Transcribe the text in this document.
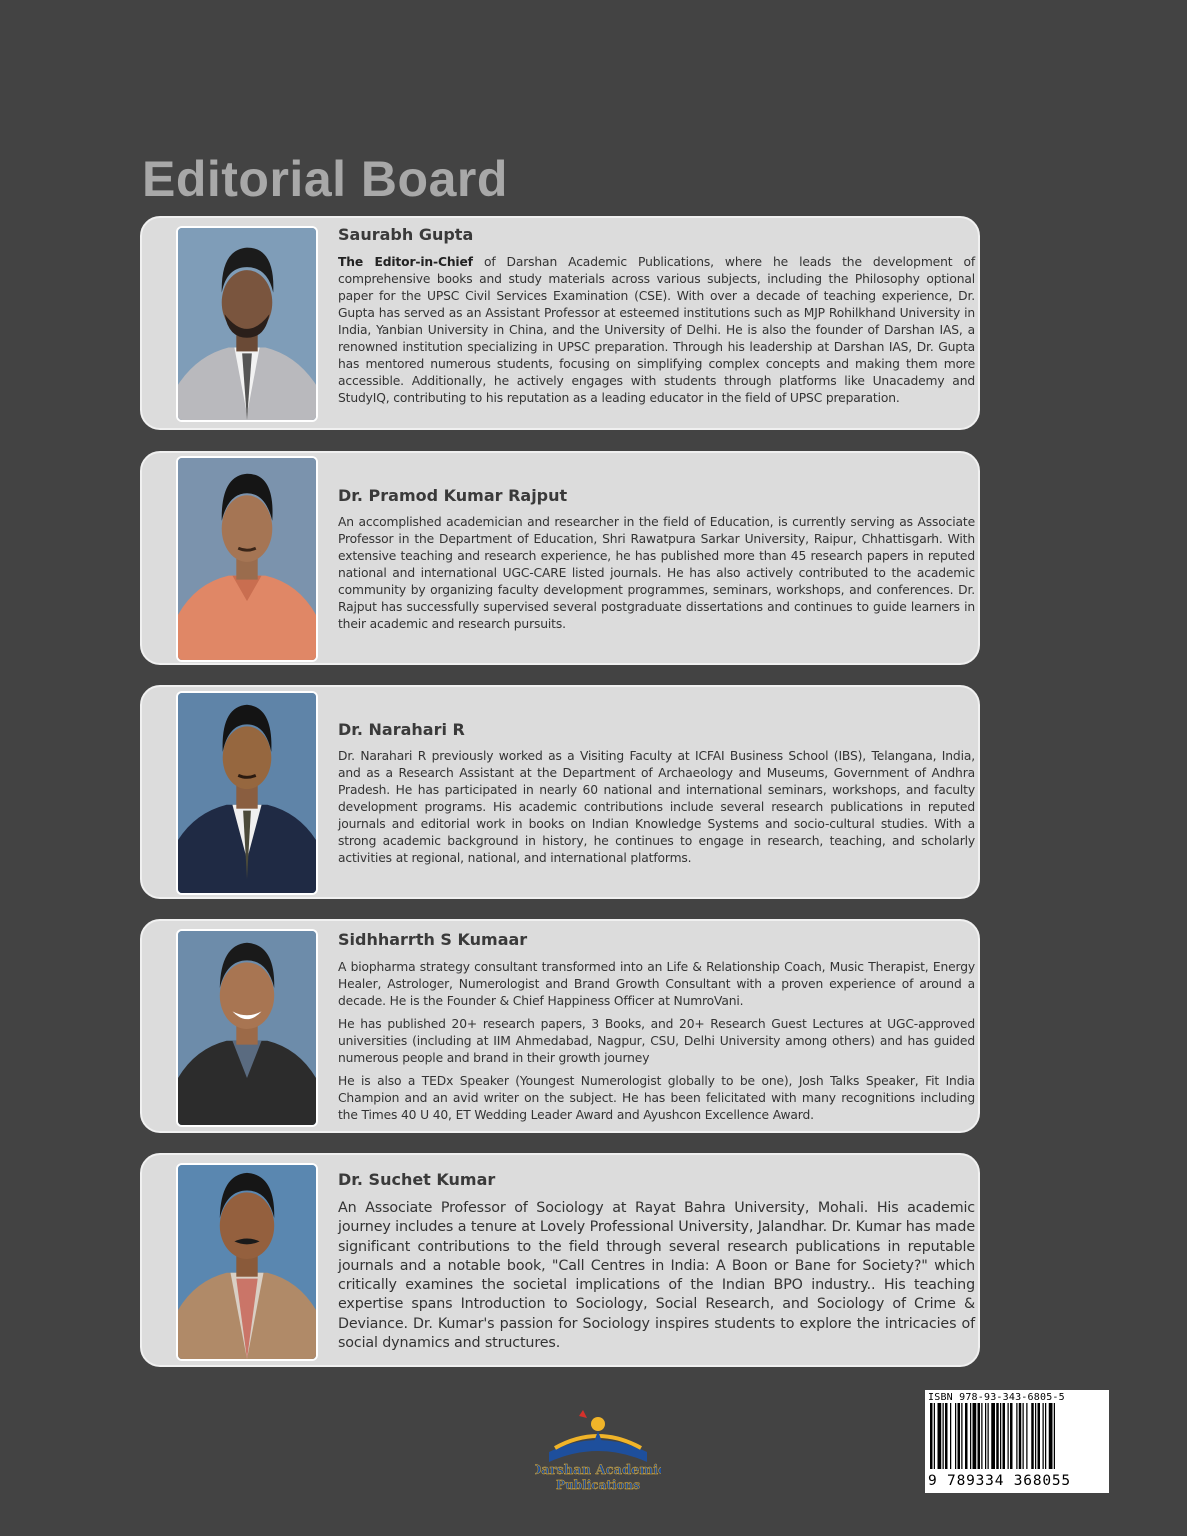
Editorial Board
Saurabh Gupta

The Editor-in-Chief of Darshan Academic Publications, where he leads the development of comprehensive books and study materials across various subjects, including the Philosophy optional paper for the UPSC Civil Services Examination (CSE). With over a decade of teaching experience, Dr. Gupta has served as an Assistant Professor at esteemed institutions such as MJP Rohilkhand University in India, Yanbian University in China, and the University of Delhi. He is also the founder of Darshan IAS, a renowned institution specializing in UPSC preparation. Through his leadership at Darshan IAS, Dr. Gupta has mentored numerous students, focusing on simplifying complex concepts and making them more accessible. Additionally, he actively engages with students through platforms like Unacademy and StudyIQ, contributing to his reputation as a leading educator in the field of UPSC preparation.

Dr. Pramod Kumar Rajput

An accomplished academician and researcher in the field of Education, is currently serving as Associate Professor in the Department of Education, Shri Rawatpura Sarkar University, Raipur, Chhattisgarh. With extensive teaching and research experience, he has published more than 45 research papers in reputed national and international UGC-CARE listed journals. He has also actively contributed to the academic community by organizing faculty development programmes, seminars, workshops, and conferences. Dr. Rajput has successfully supervised several postgraduate dissertations and continues to guide learners in their academic and research pursuits.

Dr. Narahari R

Dr. Narahari R previously worked as a Visiting Faculty at ICFAI Business School (IBS), Telangana, India, and as a Research Assistant at the Department of Archaeology and Museums, Government of Andhra Pradesh. He has participated in nearly 60 national and international seminars, workshops, and faculty development programs. His academic contributions include several research publications in reputed journals and editorial work in books on Indian Knowledge Systems and socio-cultural studies. With a strong academic background in history, he continues to engage in research, teaching, and scholarly activities at regional, national, and international platforms.

Sidhharrth S Kumaar

A biopharma strategy consultant transformed into an Life & Relationship Coach, Music Therapist, Energy Healer, Astrologer, Numerologist and Brand Growth Consultant with a proven experience of around a decade. He is the Founder & Chief Happiness Officer at NumroVani.

He has published 20+ research papers, 3 Books, and 20+ Research Guest Lectures at UGC-approved universities (including at IIM Ahmedabad, Nagpur, CSU, Delhi University among others) and has guided numerous people and brand in their growth journey

He is also a TEDx Speaker (Youngest Numerologist globally to be one), Josh Talks Speaker, Fit India Champion and an avid writer on the subject. He has been felicitated with many recognitions including the Times 40 U 40, ET Wedding Leader Award and Ayushcon Excellence Award.

Dr. Suchet Kumar

An Associate Professor of Sociology at Rayat Bahra University, Mohali. His academic journey includes a tenure at Lovely Professional University, Jalandhar. Dr. Kumar has made significant contributions to the field through several research publications in reputable journals and a notable book, "Call Centres in India: A Boon or Bane for Society?" which critically examines the societal implications of the Indian BPO industry.. His teaching expertise spans Introduction to Sociology, Social Research, and Sociology of Crime & Deviance. Dr. Kumar's passion for Sociology inspires students to explore the intricacies of social dynamics and structures.

Darshan Academic
Publications
ISBN 978-93-343-6805-5
9 789334 368055
